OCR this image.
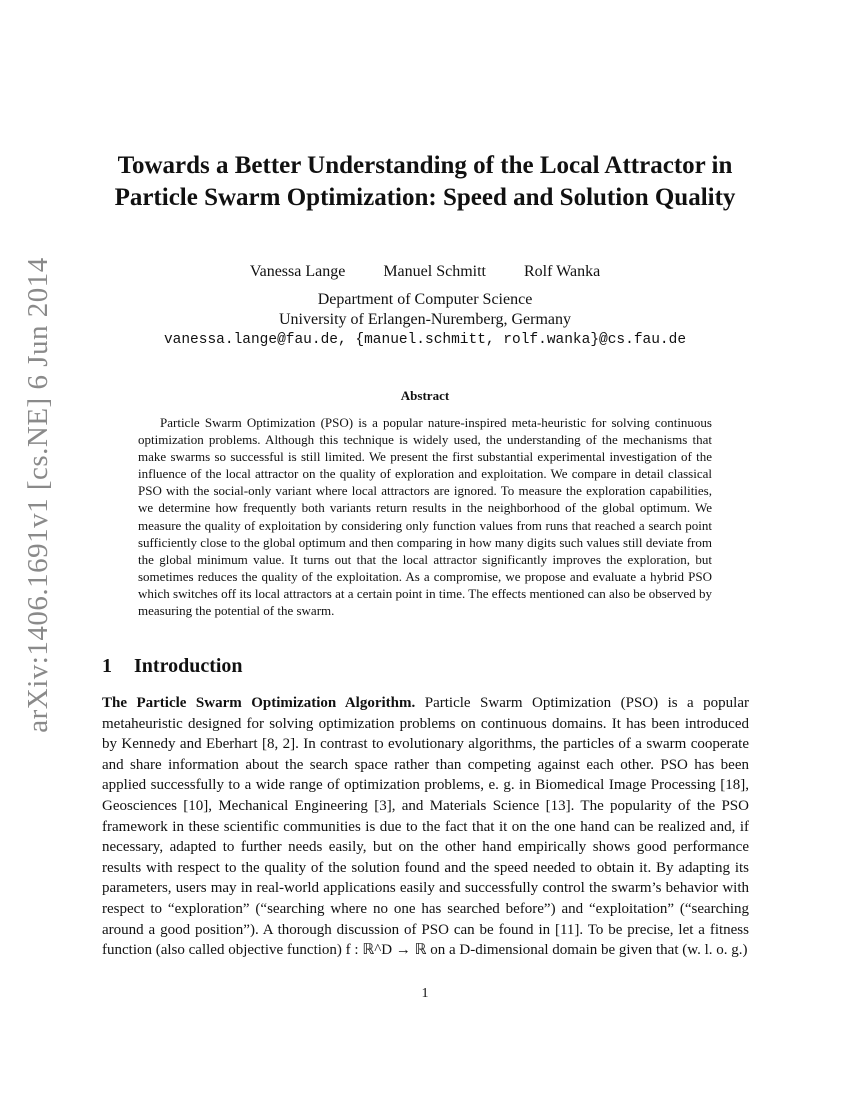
arXiv:1406.1691v1 [cs.NE] 6 Jun 2014
Towards a Better Understanding of the Local Attractor in Particle Swarm Optimization: Speed and Solution Quality
Vanessa Lange Manuel Schmitt Rolf Wanka
Department of Computer Science
University of Erlangen-Nuremberg, Germany
vanessa.lange@fau.de, {manuel.schmitt, rolf.wanka}@cs.fau.de
Abstract
Particle Swarm Optimization (PSO) is a popular nature-inspired meta-heuristic for solving continuous optimization problems. Although this technique is widely used, the understanding of the mechanisms that make swarms so successful is still limited. We present the first substantial experimental investigation of the influence of the local attractor on the quality of exploration and exploitation. We compare in detail classical PSO with the social-only variant where local attractors are ignored. To measure the exploration capabilities, we determine how frequently both variants return results in the neighborhood of the global optimum. We measure the quality of exploitation by considering only function values from runs that reached a search point sufficiently close to the global optimum and then comparing in how many digits such values still deviate from the global minimum value. It turns out that the local attractor significantly improves the exploration, but sometimes reduces the quality of the exploitation. As a compromise, we propose and evaluate a hybrid PSO which switches off its local attractors at a certain point in time. The effects mentioned can also be observed by measuring the potential of the swarm.
1 Introduction
The Particle Swarm Optimization Algorithm. Particle Swarm Optimization (PSO) is a popular metaheuristic designed for solving optimization problems on continuous domains. It has been introduced by Kennedy and Eberhart [8, 2]. In contrast to evolutionary algorithms, the particles of a swarm cooperate and share information about the search space rather than competing against each other. PSO has been applied successfully to a wide range of optimization problems, e. g. in Biomedical Image Processing [18], Geosciences [10], Mechanical Engineering [3], and Materials Science [13]. The popularity of the PSO framework in these scientific communities is due to the fact that it on the one hand can be realized and, if necessary, adapted to further needs easily, but on the other hand empirically shows good performance results with respect to the quality of the solution found and the speed needed to obtain it. By adapting its parameters, users may in real-world applications easily and successfully control the swarm’s behavior with respect to “exploration” (“searching where no one has searched before”) and “exploitation” (“searching around a good position”). A thorough discussion of PSO can be found in [11]. To be precise, let a fitness function (also called objective function) f : ℝ^D → ℝ on a D-dimensional domain be given that (w. l. o. g.)
1
